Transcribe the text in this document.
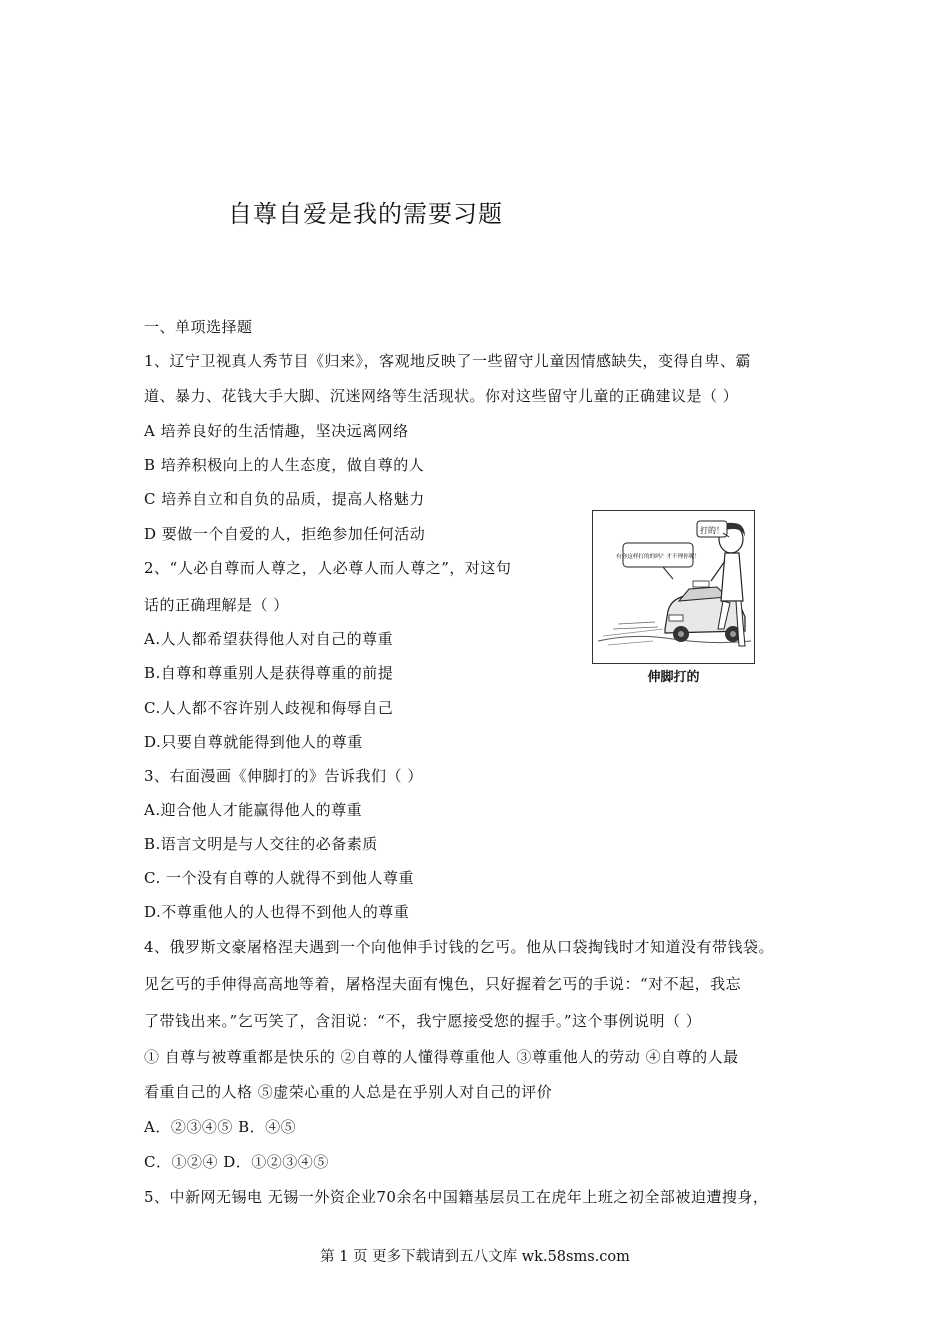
自尊自爱是我的需要习题
一、单项选择题
1、辽宁卫视真人秀节目《归来》，客观地反映了一些留守儿童因情感缺失，变得自卑、霸
道、暴力、花钱大手大脚、沉迷网络等生活现状。你对这些留守儿童的正确建议是（ ）
A 培养良好的生活情趣，坚决远离网络
B 培养积极向上的人生态度，做自尊的人
C 培养自立和自负的品质，提高人格魅力
D 要做一个自爱的人，拒绝参加任何活动
2、“人必自尊而人尊之，人必尊人而人尊之”，对这句
话的正确理解是（ ）
A.人人都希望获得他人对自己的尊重
B.自尊和尊重别人是获得尊重的前提
C.人人都不容许别人歧视和侮辱自己
D.只要自尊就能得到他人的尊重
3、右面漫画《伸脚打的》告诉我们（ ）
A.迎合他人才能赢得他人的尊重
B.语言文明是与人交往的必备素质
C. 一个没有自尊的人就得不到他人尊重
D.不尊重他人的人也得不到他人的尊重
4、俄罗斯文豪屠格涅夫遇到一个向他伸手讨钱的乞丐。他从口袋掏钱时才知道没有带钱袋。
见乞丐的手伸得高高地等着，屠格涅夫面有愧色，只好握着乞丐的手说：“对不起，我忘
了带钱出来。”乞丐笑了，含泪说：“不，我宁愿接受您的握手。”这个事例说明（ ）
① 自尊与被尊重都是快乐的 ②自尊的人懂得尊重他人 ③尊重他人的劳动 ④自尊的人最
看重自己的人格 ⑤虚荣心重的人总是在乎别人对自己的评价
A．②③④⑤ B．④⑤
C．①②④ D．①②③④⑤
5、中新网无锡电 无锡一外资企业70余名中国籍基层员工在虎年上班之初全部被迫遭搜身，
打的！
有你这样打的的吗？才不理你呢！
伸脚打的
第 1 页 更多下载请到五八文库 wk.58sms.com
